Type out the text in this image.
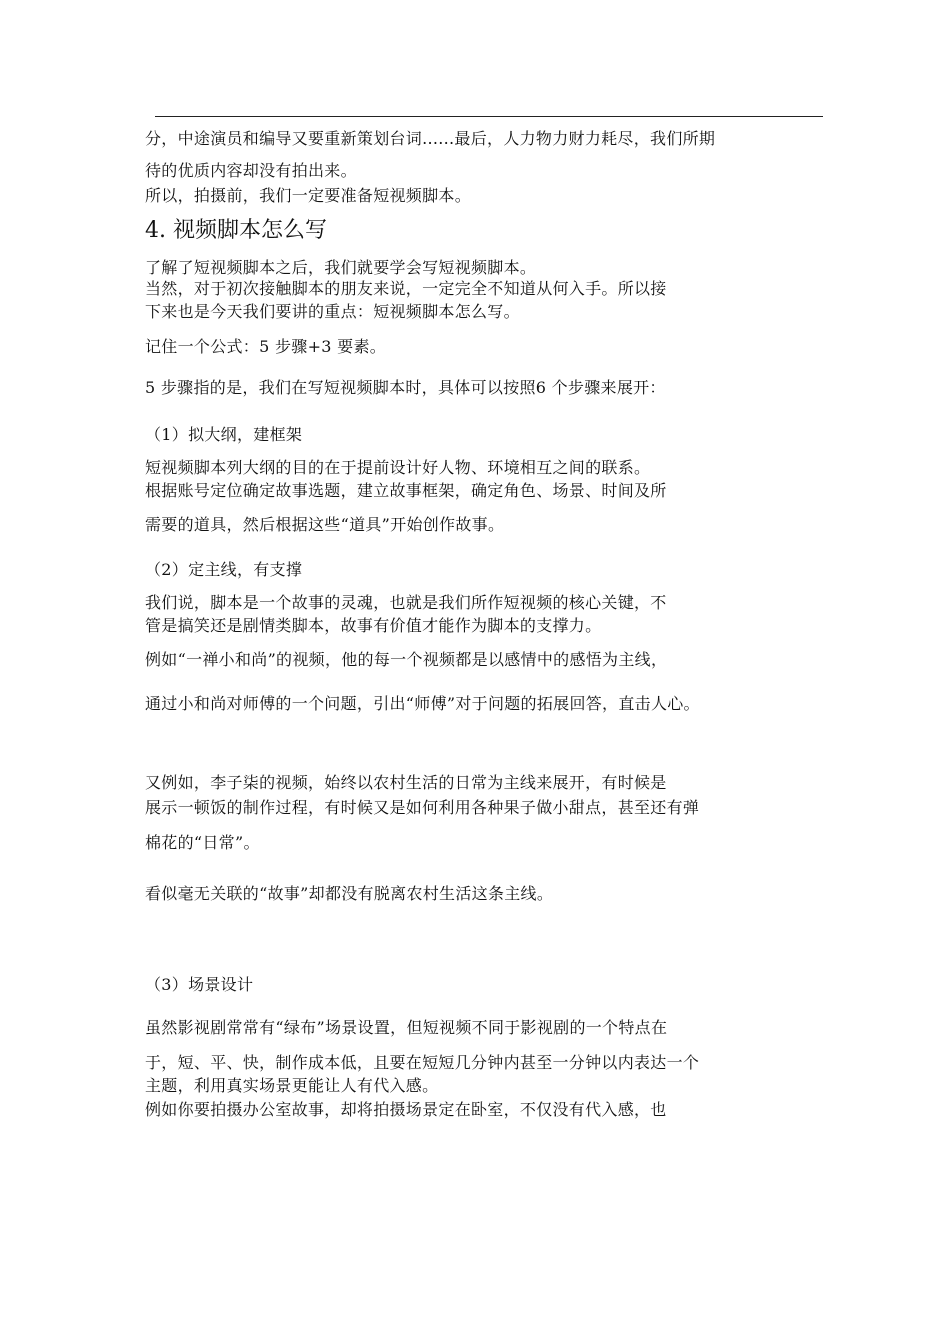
分，中途演员和编导又要重新策划台词......最后，人力物力财力耗尽，我们所期
待的优质内容却没有拍出来。
所以，拍摄前，我们一定要准备短视频脚本。
4. 视频脚本怎么写
了解了短视频脚本之后，我们就要学会写短视频脚本。
当然，对于初次接触脚本的朋友来说，一定完全不知道从何入手。所以接
下来也是今天我们要讲的重点：短视频脚本怎么写。
记住一个公式：5 步骤+3 要素。
5 步骤指的是，我们在写短视频脚本时，具体可以按照6 个步骤来展开：
（1）拟大纲，建框架
短视频脚本列大纲的目的在于提前设计好人物、环境相互之间的联系。
根据账号定位确定故事选题，建立故事框架，确定角色、场景、时间及所
需要的道具，然后根据这些“道具”开始创作故事。
（2）定主线，有支撑
我们说，脚本是一个故事的灵魂，也就是我们所作短视频的核心关键，不
管是搞笑还是剧情类脚本，故事有价值才能作为脚本的支撑力。
例如“一禅小和尚”的视频，他的每一个视频都是以感情中的感悟为主线，
通过小和尚对师傅的一个问题，引出“师傅”对于问题的拓展回答，直击人心。
又例如，李子柒的视频，始终以农村生活的日常为主线来展开，有时候是
展示一顿饭的制作过程，有时候又是如何利用各种果子做小甜点，甚至还有弹
棉花的“日常”。
看似毫无关联的“故事”却都没有脱离农村生活这条主线。
（3）场景设计
虽然影视剧常常有“绿布”场景设置，但短视频不同于影视剧的一个特点在
于，短、平、快，制作成本低，且要在短短几分钟内甚至一分钟以内表达一个
主题，利用真实场景更能让人有代入感。
例如你要拍摄办公室故事，却将拍摄场景定在卧室，不仅没有代入感，也
